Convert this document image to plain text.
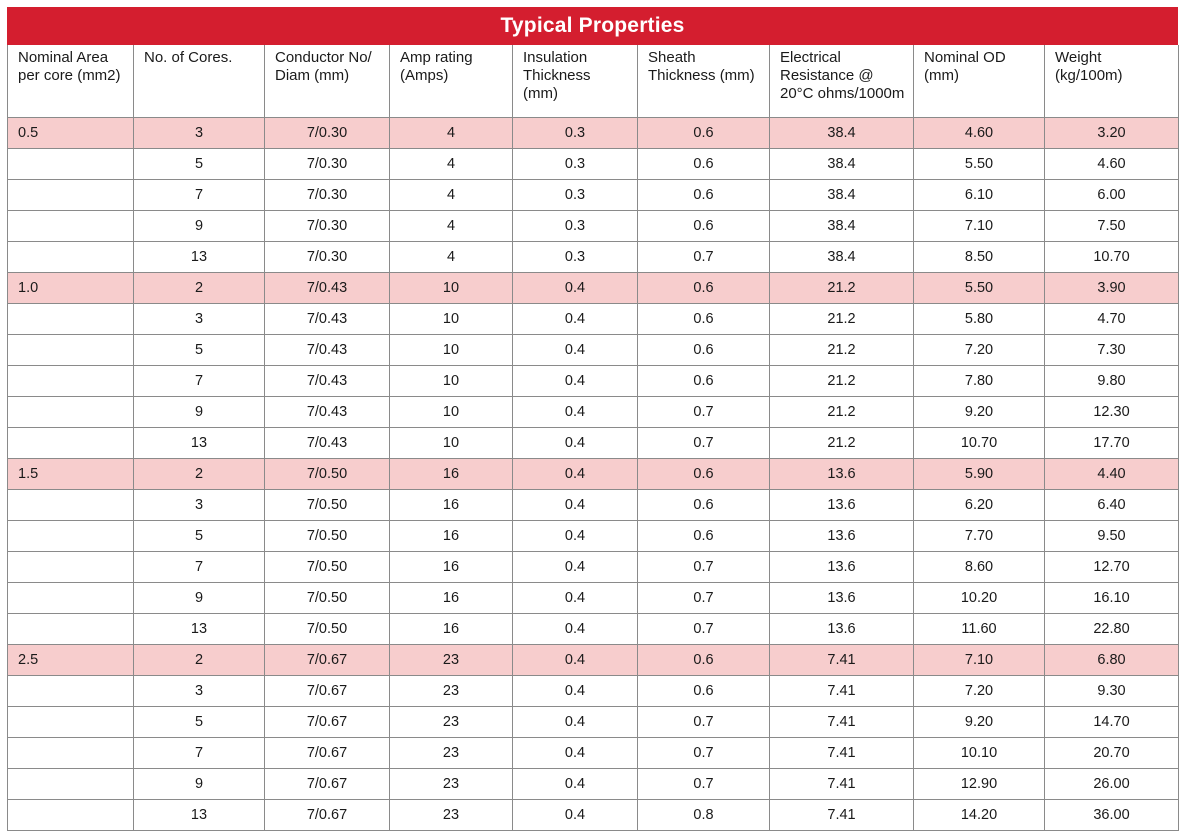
Typical Properties
Nominal Area per core (mm2)	No. of Cores.	Conductor No/ Diam (mm)	Amp rating (Amps)	Insulation Thickness (mm)	Sheath Thickness (mm)	Electrical Resistance @ 20°C ohms/1000m	Nominal OD (mm)	Weight (kg/100m)
0.5	3	7/0.30	4	0.3	0.6	38.4	4.60	3.20
	5	7/0.30	4	0.3	0.6	38.4	5.50	4.60
	7	7/0.30	4	0.3	0.6	38.4	6.10	6.00
	9	7/0.30	4	0.3	0.6	38.4	7.10	7.50
	13	7/0.30	4	0.3	0.7	38.4	8.50	10.70
1.0	2	7/0.43	10	0.4	0.6	21.2	5.50	3.90
	3	7/0.43	10	0.4	0.6	21.2	5.80	4.70
	5	7/0.43	10	0.4	0.6	21.2	7.20	7.30
	7	7/0.43	10	0.4	0.6	21.2	7.80	9.80
	9	7/0.43	10	0.4	0.7	21.2	9.20	12.30
	13	7/0.43	10	0.4	0.7	21.2	10.70	17.70
1.5	2	7/0.50	16	0.4	0.6	13.6	5.90	4.40
	3	7/0.50	16	0.4	0.6	13.6	6.20	6.40
	5	7/0.50	16	0.4	0.6	13.6	7.70	9.50
	7	7/0.50	16	0.4	0.7	13.6	8.60	12.70
	9	7/0.50	16	0.4	0.7	13.6	10.20	16.10
	13	7/0.50	16	0.4	0.7	13.6	11.60	22.80
2.5	2	7/0.67	23	0.4	0.6	7.41	7.10	6.80
	3	7/0.67	23	0.4	0.6	7.41	7.20	9.30
	5	7/0.67	23	0.4	0.7	7.41	9.20	14.70
	7	7/0.67	23	0.4	0.7	7.41	10.10	20.70
	9	7/0.67	23	0.4	0.7	7.41	12.90	26.00
	13	7/0.67	23	0.4	0.8	7.41	14.20	36.00
